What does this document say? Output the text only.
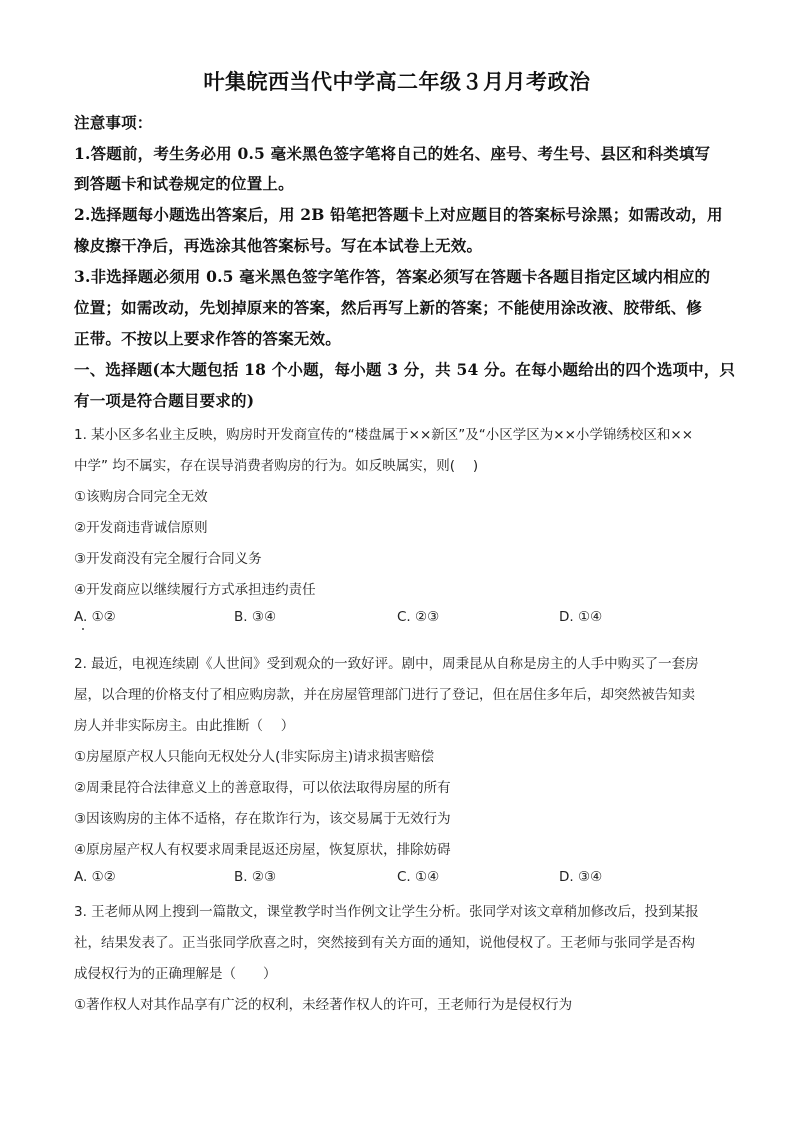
叶集皖西当代中学高二年级３月月考政治
注意事项：
1.答题前，考生务必用 0.5 毫米黑色签字笔将自己的姓名、座号、考生号、县区和科类填写
到答题卡和试卷规定的位置上。
2.选择题每小题选出答案后，用 2B 铅笔把答题卡上对应题目的答案标号涂黑；如需改动，用
橡皮擦干净后，再选涂其他答案标号。写在本试卷上无效。
3.非选择题必须用 0.5 毫米黑色签字笔作答，答案必须写在答题卡各题目指定区域内相应的
位置；如需改动，先划掉原来的答案，然后再写上新的答案；不能使用涂改液、胶带纸、修
正带。不按以上要求作答的答案无效。
一、选择题(本大题包括 18 个小题，每小题 3 分，共 54 分。在每小题给出的四个选项中，只
有一项是符合题目要求的)
1. 某小区多名业主反映，购房时开发商宣传的“楼盘属于××新区”及“小区学区为××小学锦绣校区和××
中学” 均不属实，存在误导消费者购房的行为。如反映属实，则(　 )
①该购房合同完全无效
②开发商违背诚信原则
③开发商没有完全履行合同义务
④开发商应以继续履行方式承担违约责任
A. ①②	B. ③④	C. ②③	D. ①④
2. 最近，电视连续剧《人世间》受到观众的一致好评。剧中，周秉昆从自称是房主的人手中购买了一套房
屋，以合理的价格支付了相应购房款，并在房屋管理部门进行了登记，但在居住多年后，却突然被告知卖
房人并非实际房主。由此推断（　 ）
①房屋原产权人只能向无权处分人(非实际房主)请求损害赔偿
②周秉昆符合法律意义上的善意取得，可以依法取得房屋的所有
③因该购房的主体不适格，存在欺诈行为，该交易属于无效行为
④原房屋产权人有权要求周秉昆返还房屋，恢复原状，排除妨碍
A. ①②	B. ②③	C. ①④	D. ③④
3. 王老师从网上搜到一篇散文，课堂教学时当作例文让学生分析。张同学对该文章稍加修改后，投到某报
社，结果发表了。正当张同学欣喜之时，突然接到有关方面的通知，说他侵权了。王老师与张同学是否构
成侵权行为的正确理解是（　　）
①著作权人对其作品享有广泛的权利，未经著作权人的许可，王老师行为是侵权行为
